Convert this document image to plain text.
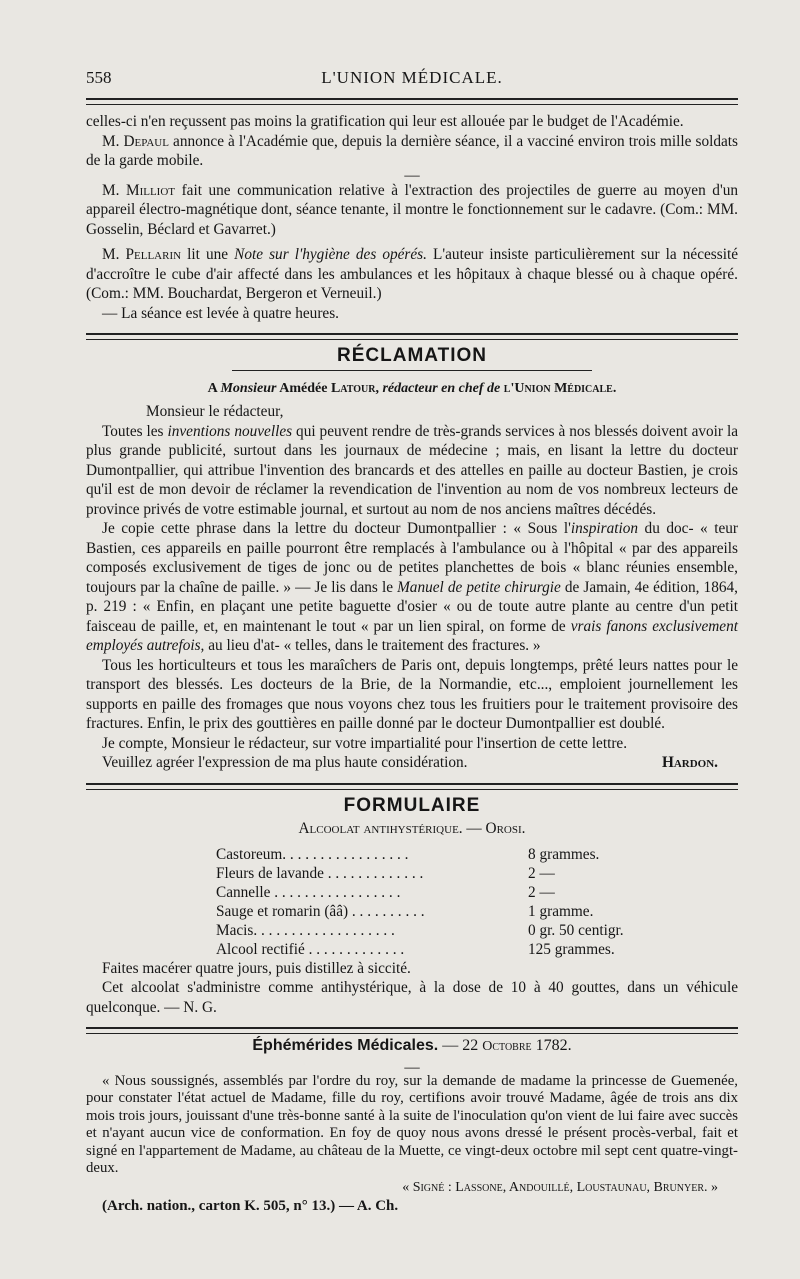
558	L'UNION MÉDICALE.

celles-ci n'en reçussent pas moins la gratification qui leur est allouée par le budget de l'Académie.

M. Depaul annonce à l'Académie que, depuis la dernière séance, il a vacciné environ trois mille soldats de la garde mobile.

—

M. Milliot fait une communication relative à l'extraction des projectiles de guerre au moyen d'un appareil électro-magnétique dont, séance tenante, il montre le fonctionnement sur le cadavre. (Com.: MM. Gosselin, Béclard et Gavarret.)

M. Pellarin lit une Note sur l'hygiène des opérés. L'auteur insiste particulièrement sur la nécessité d'accroître le cube d'air affecté dans les ambulances et les hôpitaux à chaque blessé ou à chaque opéré. (Com.: MM. Bouchardat, Bergeron et Verneuil.)

— La séance est levée à quatre heures.

RÉCLAMATION
A Monsieur Amédée Latour, rédacteur en chef de l'Union Médicale.

Monsieur le rédacteur,

Toutes les inventions nouvelles qui peuvent rendre de très-grands services à nos blessés doivent avoir la plus grande publicité, surtout dans les journaux de médecine ; mais, en lisant la lettre du docteur Dumontpallier, qui attribue l'invention des brancards et des attelles en paille au docteur Bastien, je crois qu'il est de mon devoir de réclamer la revendication de l'invention au nom de vos nombreux lecteurs de province privés de votre estimable journal, et surtout au nom de nos anciens maîtres décédés.

Je copie cette phrase dans la lettre du docteur Dumontpallier : « Sous l'inspiration du doc- « teur Bastien, ces appareils en paille pourront être remplacés à l'ambulance ou à l'hôpital « par des appareils composés exclusivement de tiges de jonc ou de petites planchettes de bois « blanc réunies ensemble, toujours par la chaîne de paille. » — Je lis dans le Manuel de petite chirurgie de Jamain, 4e édition, 1864, p. 219 : « Enfin, en plaçant une petite baguette d'osier « ou de toute autre plante au centre d'un petit faisceau de paille, et, en maintenant le tout « par un lien spiral, on forme de vrais fanons exclusivement employés autrefois, au lieu d'at- « telles, dans le traitement des fractures. »

Tous les horticulteurs et tous les maraîchers de Paris ont, depuis longtemps, prêté leurs nattes pour le transport des blessés. Les docteurs de la Brie, de la Normandie, etc..., emploient journellement les supports en paille des fromages que nous voyons chez tous les fruitiers pour le traitement provisoire des fractures. Enfin, le prix des gouttières en paille donné par le docteur Dumontpallier est doublé.

Je compte, Monsieur le rédacteur, sur votre impartialité pour l'insertion de cette lettre.

Veuillez agréer l'expression de ma plus haute considération.	Hardon.

FORMULAIRE
Alcoolat antihystérique. — Orosi.
Castoreum. . . . . . . . . . . . . . . . .	8 grammes.
Fleurs de lavande . . . . . . . . . . . . .	2 —
Cannelle . . . . . . . . . . . . . . . . .	2 —
Sauge et romarin (ââ) . . . . . . . . . .	1 gramme.
Macis. . . . . . . . . . . . . . . . . . .	0 gr. 50 centigr.
Alcool rectifié . . . . . . . . . . . . .	125 grammes.

Faites macérer quatre jours, puis distillez à siccité.

Cet alcoolat s'administre comme antihystérique, à la dose de 10 à 40 gouttes, dans un véhicule quelconque. — N. G.

Éphémérides Médicales. — 22 Octobre 1782.
—

« Nous soussignés, assemblés par l'ordre du roy, sur la demande de madame la princesse de Guemenée, pour constater l'état actuel de Madame, fille du roy, certifions avoir trouvé Madame, âgée de trois ans dix mois trois jours, jouissant d'une très-bonne santé à la suite de l'inoculation qu'on vient de lui faire avec succès et n'ayant aucun vice de conformation. En foy de quoy nous avons dressé le présent procès-verbal, fait et signé en l'appartement de Madame, au château de la Muette, ce vingt-deux octobre mil sept cent quatre-vingt-deux.

« Signé : Lassone, Andouillé, Loustaunau, Brunyer. »

(Arch. nation., carton K. 505, n° 13.) — A. Ch.
